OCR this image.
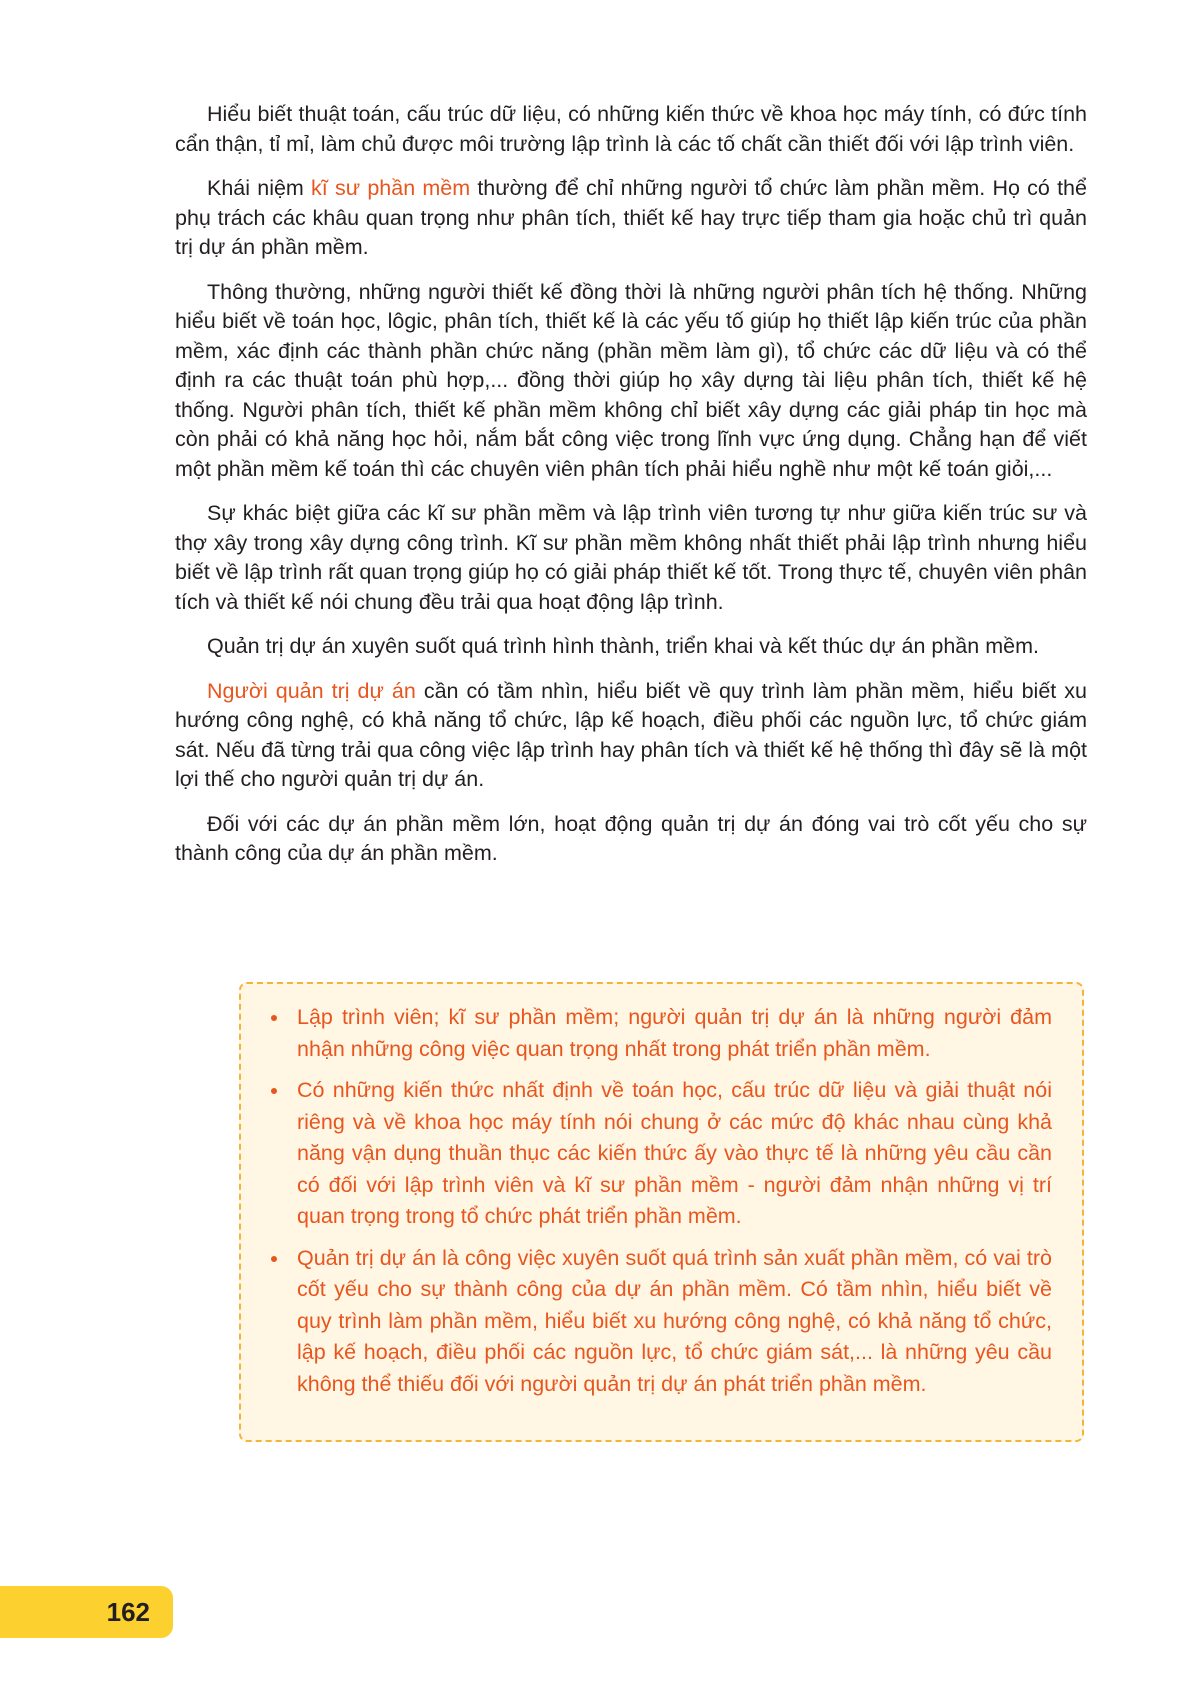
Hiểu biết thuật toán, cấu trúc dữ liệu, có những kiến thức về khoa học máy tính, có đức tính cẩn thận, tỉ mỉ, làm chủ được môi trường lập trình là các tố chất cần thiết đối với lập trình viên.

Khái niệm kĩ sư phần mềm thường để chỉ những người tổ chức làm phần mềm. Họ có thể phụ trách các khâu quan trọng như phân tích, thiết kế hay trực tiếp tham gia hoặc chủ trì quản trị dự án phần mềm.

Thông thường, những người thiết kế đồng thời là những người phân tích hệ thống. Những hiểu biết về toán học, lôgic, phân tích, thiết kế là các yếu tố giúp họ thiết lập kiến trúc của phần mềm, xác định các thành phần chức năng (phần mềm làm gì), tổ chức các dữ liệu và có thể định ra các thuật toán phù hợp,... đồng thời giúp họ xây dựng tài liệu phân tích, thiết kế hệ thống. Người phân tích, thiết kế phần mềm không chỉ biết xây dựng các giải pháp tin học mà còn phải có khả năng học hỏi, nắm bắt công việc trong lĩnh vực ứng dụng. Chẳng hạn để viết một phần mềm kế toán thì các chuyên viên phân tích phải hiểu nghề như một kế toán giỏi,...

Sự khác biệt giữa các kĩ sư phần mềm và lập trình viên tương tự như giữa kiến trúc sư và thợ xây trong xây dựng công trình. Kĩ sư phần mềm không nhất thiết phải lập trình nhưng hiểu biết về lập trình rất quan trọng giúp họ có giải pháp thiết kế tốt. Trong thực tế, chuyên viên phân tích và thiết kế nói chung đều trải qua hoạt động lập trình.

Quản trị dự án xuyên suốt quá trình hình thành, triển khai và kết thúc dự án phần mềm.

Người quản trị dự án cần có tầm nhìn, hiểu biết về quy trình làm phần mềm, hiểu biết xu hướng công nghệ, có khả năng tổ chức, lập kế hoạch, điều phối các nguồn lực, tổ chức giám sát. Nếu đã từng trải qua công việc lập trình hay phân tích và thiết kế hệ thống thì đây sẽ là một lợi thế cho người quản trị dự án.

Đối với các dự án phần mềm lớn, hoạt động quản trị dự án đóng vai trò cốt yếu cho sự thành công của dự án phần mềm.

Lập trình viên; kĩ sư phần mềm; người quản trị dự án là những người đảm nhận những công việc quan trọng nhất trong phát triển phần mềm.
Có những kiến thức nhất định về toán học, cấu trúc dữ liệu và giải thuật nói riêng và về khoa học máy tính nói chung ở các mức độ khác nhau cùng khả năng vận dụng thuần thục các kiến thức ấy vào thực tế là những yêu cầu cần có đối với lập trình viên và kĩ sư phần mềm - người đảm nhận những vị trí quan trọng trong tổ chức phát triển phần mềm.
Quản trị dự án là công việc xuyên suốt quá trình sản xuất phần mềm, có vai trò cốt yếu cho sự thành công của dự án phần mềm. Có tầm nhìn, hiểu biết về quy trình làm phần mềm, hiểu biết xu hướng công nghệ, có khả năng tổ chức, lập kế hoạch, điều phối các nguồn lực, tổ chức giám sát,... là những yêu cầu không thể thiếu đối với người quản trị dự án phát triển phần mềm.
162
